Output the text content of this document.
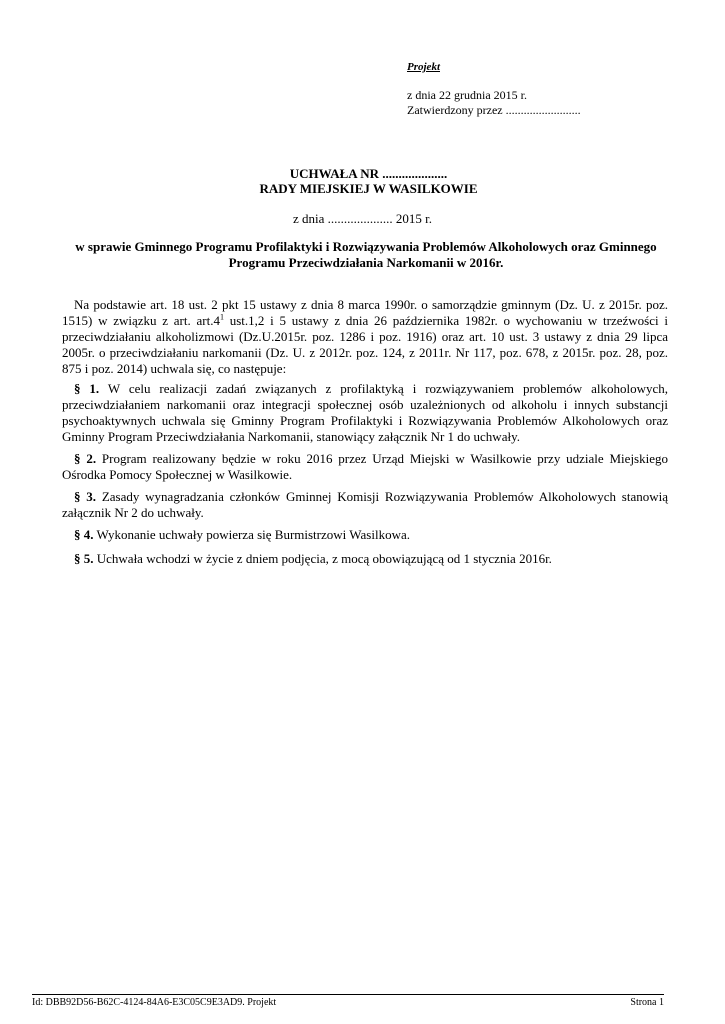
Projekt
z dnia 22 grudnia 2015 r.
Zatwierdzony przez .........................
UCHWAŁA NR ....................
RADY MIEJSKIEJ W WASILKOWIE
z dnia .................... 2015 r.
w sprawie Gminnego Programu Profilaktyki i Rozwiązywania Problemów Alkoholowych oraz Gminnego Programu Przeciwdziałania Narkomanii w 2016r.
Na podstawie art. 18 ust. 2 pkt 15 ustawy z dnia 8 marca 1990r. o samorządzie gminnym (Dz. U. z 2015r. poz. 1515) w związku z art. $art.4^1$ ust.1,2 i 5 ustawy z dnia 26 października 1982r. o wychowaniu w trzeźwości i przeciwdziałaniu alkoholizmowi (Dz.U.2015r. poz. 1286 i poz. 1916) oraz art. 10 ust. 3 ustawy z dnia 29 lipca 2005r. o przeciwdziałaniu narkomanii (Dz. U. z 2012r. poz. 124, z 2011r. Nr 117, poz. 678, z 2015r. poz. 28, poz. 875 i poz. 2014) uchwala się, co następuje:
§ 1. W celu realizacji zadań związanych z profilaktyką i rozwiązywaniem problemów alkoholowych, przeciwdziałaniem narkomanii oraz integracji społecznej osób uzależnionych od alkoholu i innych substancji psychoaktywnych uchwala się Gminny Program Profilaktyki i Rozwiązywania Problemów Alkoholowych oraz Gminny Program Przeciwdziałania Narkomanii, stanowiący załącznik Nr 1 do uchwały.
§ 2. Program realizowany będzie w roku 2016 przez Urząd Miejski w Wasilkowie przy udziale Miejskiego Ośrodka Pomocy Społecznej w Wasilkowie.
§ 3. Zasady wynagradzania członków Gminnej Komisji Rozwiązywania Problemów Alkoholowych stanowią załącznik Nr 2 do uchwały.
§ 4. Wykonanie uchwały powierza się Burmistrzowi Wasilkowa.
§ 5. Uchwała wchodzi w życie z dniem podjęcia, z mocą obowiązującą od 1 stycznia 2016r.
Id: DBB92D56-B62C-4124-84A6-E3C05C9E3AD9. Projekt	Strona 1
